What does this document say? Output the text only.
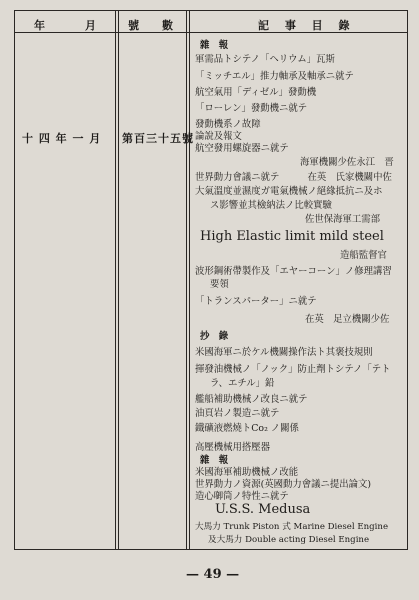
年　　月 號　數	記 事 目 錄
十 四 年 一 月 第百三十五號
雜　報
軍需品トシテノ「ヘリウム」瓦斯
「ミッチエル」推力軸承及軸承ニ就テ
航空氣用「ディゼル」發動機
「ローレン」發動機ニ就テ
發動機系ノ故障
論說及報文
航空發用螺旋器ニ就テ
海軍機關少佐永江　晋
世界動力會議ニ就テ　　　在英　氏家機關中佐
大氣溫度並濕度ガ電氣機械ノ絕緣抵抗ニ及ホ
ス影響並其檢納法ノ比較實驗
佐世保海軍工需部
High Elastic limit mild steel
造船監督官
波形鋼術帶製作及「エヤーコーン」ノ修理講習
要領
「トランスパーター」ニ就テ
在英　足立機關少佐
抄　錄
米國海軍ニ於ケル機關操作法ト其褒技規則
揮發油機械ノ「ノック」防止劑トシテノ「テト
ラ、エチル」鉛
艦船補助機械ノ改良ニ就テ
油頁岩ノ製造ニ就テ
鐵礦液燃燒トCo₂ ノ關係
高壓機械用搭壓器
雜　報
米國海軍補助機械ノ改能
世界動力ノ資源(英國動力會議ニ提出論文)
造心啣筒ノ特性ニ就テ
U.S.S. Medusa
大馬力 Trunk Piston 式 Marine Diesel Engine
及大馬力 Double acting Diesel Engine
— 49 —
